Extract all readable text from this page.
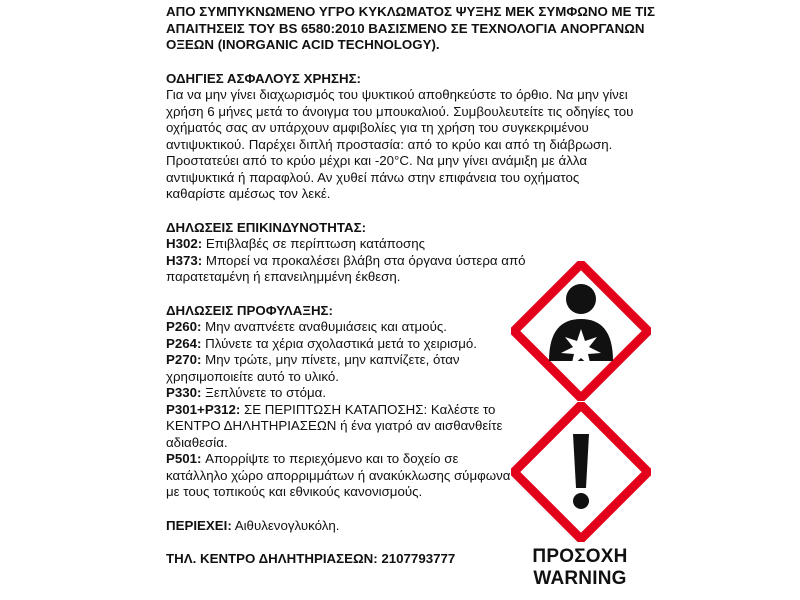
ΑΠΟ ΣΥΜΠΥΚΝΩΜΕΝΟ ΥΓΡΟ ΚΥΚΛΩΜΑΤΟΣ ΨΥΞΗΣ ΜΕΚ ΣΥΜΦΩΝΟ ΜΕ ΤΙΣ ΑΠΑΙΤΗΣΕΙΣ ΤΟΥ BS 6580:2010 ΒΑΣΙΣΜΕΝΟ ΣΕ ΤΕΧΝΟΛΟΓΙΑ ΑΝΟΡΓΑΝΩΝ ΟΞΕΩΝ (INORGANIC ACID TECHNOLOGY).

ΟΔΗΓΙΕΣ ΑΣΦΑΛΟΥΣ ΧΡΗΣΗΣ:

Για να μην γίνει διαχωρισμός του ψυκτικού αποθηκεύστε το όρθιο. Να μην γίνει χρήση 6 μήνες μετά το άνοιγμα του μπουκαλιού. Συμβουλευτείτε τις οδηγίες του οχήματός σας αν υπάρχουν αμφιβολίες για τη χρήση του συγκεκριμένου αντιψυκτικού. Παρέχει διπλή προστασία: από το κρύο και από τη διάβρωση. Προστατεύει από το κρύο μέχρι και -20°C. Να μην γίνει ανάμιξη με άλλα αντιψυκτικά ή παραφλού. Αν χυθεί πάνω στην επιφάνεια του οχήματος καθαρίστε αμέσως τον λεκέ.

ΔΗΛΩΣΕΙΣ ΕΠΙΚΙΝΔΥΝΟΤΗΤΑΣ:

H302: Επιβλαβές σε περίπτωση κατάποσης

H373: Μπορεί να προκαλέσει βλάβη στα όργανα ύστερα από παρατεταμένη ή επανειλημμένη έκθεση.

ΔΗΛΩΣΕΙΣ ΠΡΟΦΥΛΑΞΗΣ:

P260: Μην αναπνέετε αναθυμιάσεις και ατμούς.

P264: Πλύνετε τα χέρια σχολαστικά μετά το χειρισμό.

P270: Μην τρώτε, μην πίνετε, μην καπνίζετε, όταν χρησιμοποιείτε αυτό το υλικό.

P330: Ξεπλύνετε το στόμα.

P301+P312: ΣΕ ΠΕΡΙΠΤΩΣΗ ΚΑΤΑΠΟΣΗΣ: Καλέστε το ΚΕΝΤΡΟ ΔΗΛΗΤΗΡΙΑΣΕΩΝ ή ένα γιατρό αν αισθανθείτε αδιαθεσία.

P501: Απορρίψτε το περιεχόμενο και το δοχείο σε κατάλληλο χώρο απορριμμάτων ή ανακύκλωσης σύμφωνα με τους τοπικούς και εθνικούς κανονισμούς.

ΠΕΡΙΕΧΕΙ: Αιθυλενογλυκόλη.

ΤΗΛ. ΚΕΝΤΡΟ ΔΗΛΗΤΗΡΙΑΣΕΩΝ: 2107793777	ΠΡΟΣΟΧΗ
WARNING
